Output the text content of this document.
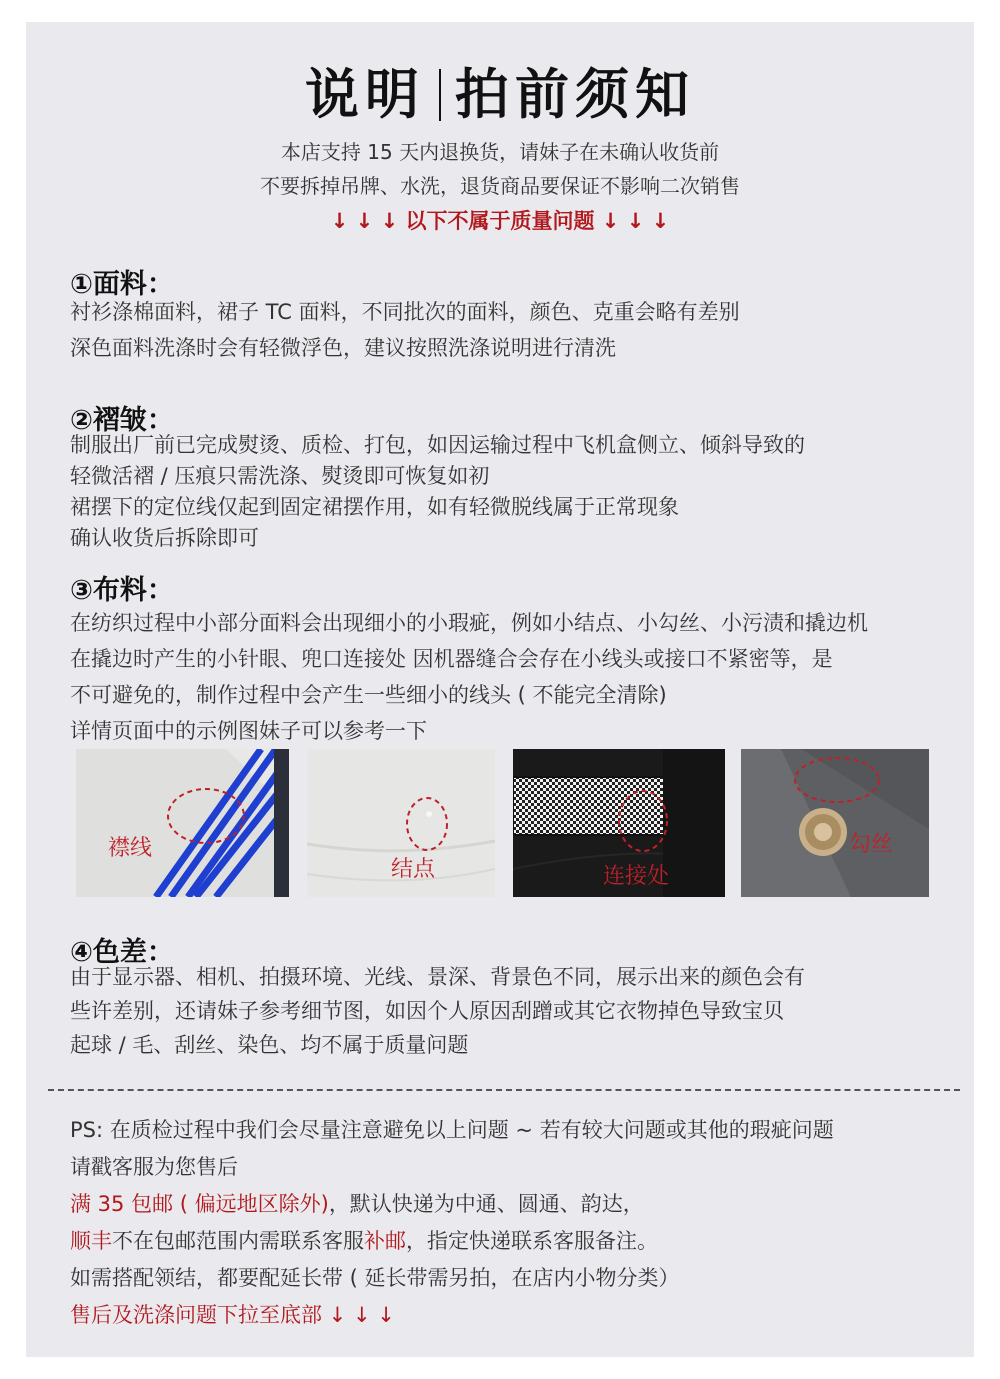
说明 拍前须知
本店支持 15 天内退换货，请妹子在未确认收货前
不要拆掉吊牌、水洗，退货商品要保证不影响二次销售
↓ ↓ ↓ 以下不属于质量问题 ↓ ↓ ↓
①面料：
衬衫涤棉面料，裙子 TC 面料，不同批次的面料，颜色、克重会略有差别
深色面料洗涤时会有轻微浮色，建议按照洗涤说明进行清洗
②褶皱：
制服出厂前已完成熨烫、质检、打包，如因运输过程中飞机盒侧立、倾斜导致的
轻微活褶 / 压痕只需洗涤、熨烫即可恢复如初
裙摆下的定位线仅起到固定裙摆作用，如有轻微脱线属于正常现象
确认收货后拆除即可
③布料：
在纺织过程中小部分面料会出现细小的小瑕疵，例如小结点、小勾丝、小污渍和撬边机
在撬边时产生的小针眼、兜口连接处 因机器缝合会存在小线头或接口不紧密等，是
不可避免的，制作过程中会产生一些细小的线头 ( 不能完全清除)
详情页面中的示例图妹子可以参考一下
襟线
结点	连接处
勾丝
④色差：
由于显示器、相机、拍摄环境、光线、景深、背景色不同，展示出来的颜色会有
些许差别，还请妹子参考细节图，如因个人原因刮蹭或其它衣物掉色导致宝贝
起球 / 毛、刮丝、染色、均不属于质量问题
PS: 在质检过程中我们会尽量注意避免以上问题 ~ 若有较大问题或其他的瑕疵问题
请戳客服为您售后
满 35 包邮 ( 偏远地区除外)，默认快递为中通、圆通、韵达，
顺丰不在包邮范围内需联系客服补邮，指定快递联系客服备注。
如需搭配领结，都要配延长带 ( 延长带需另拍，在店内小物分类）
售后及洗涤问题下拉至底部 ↓ ↓ ↓
